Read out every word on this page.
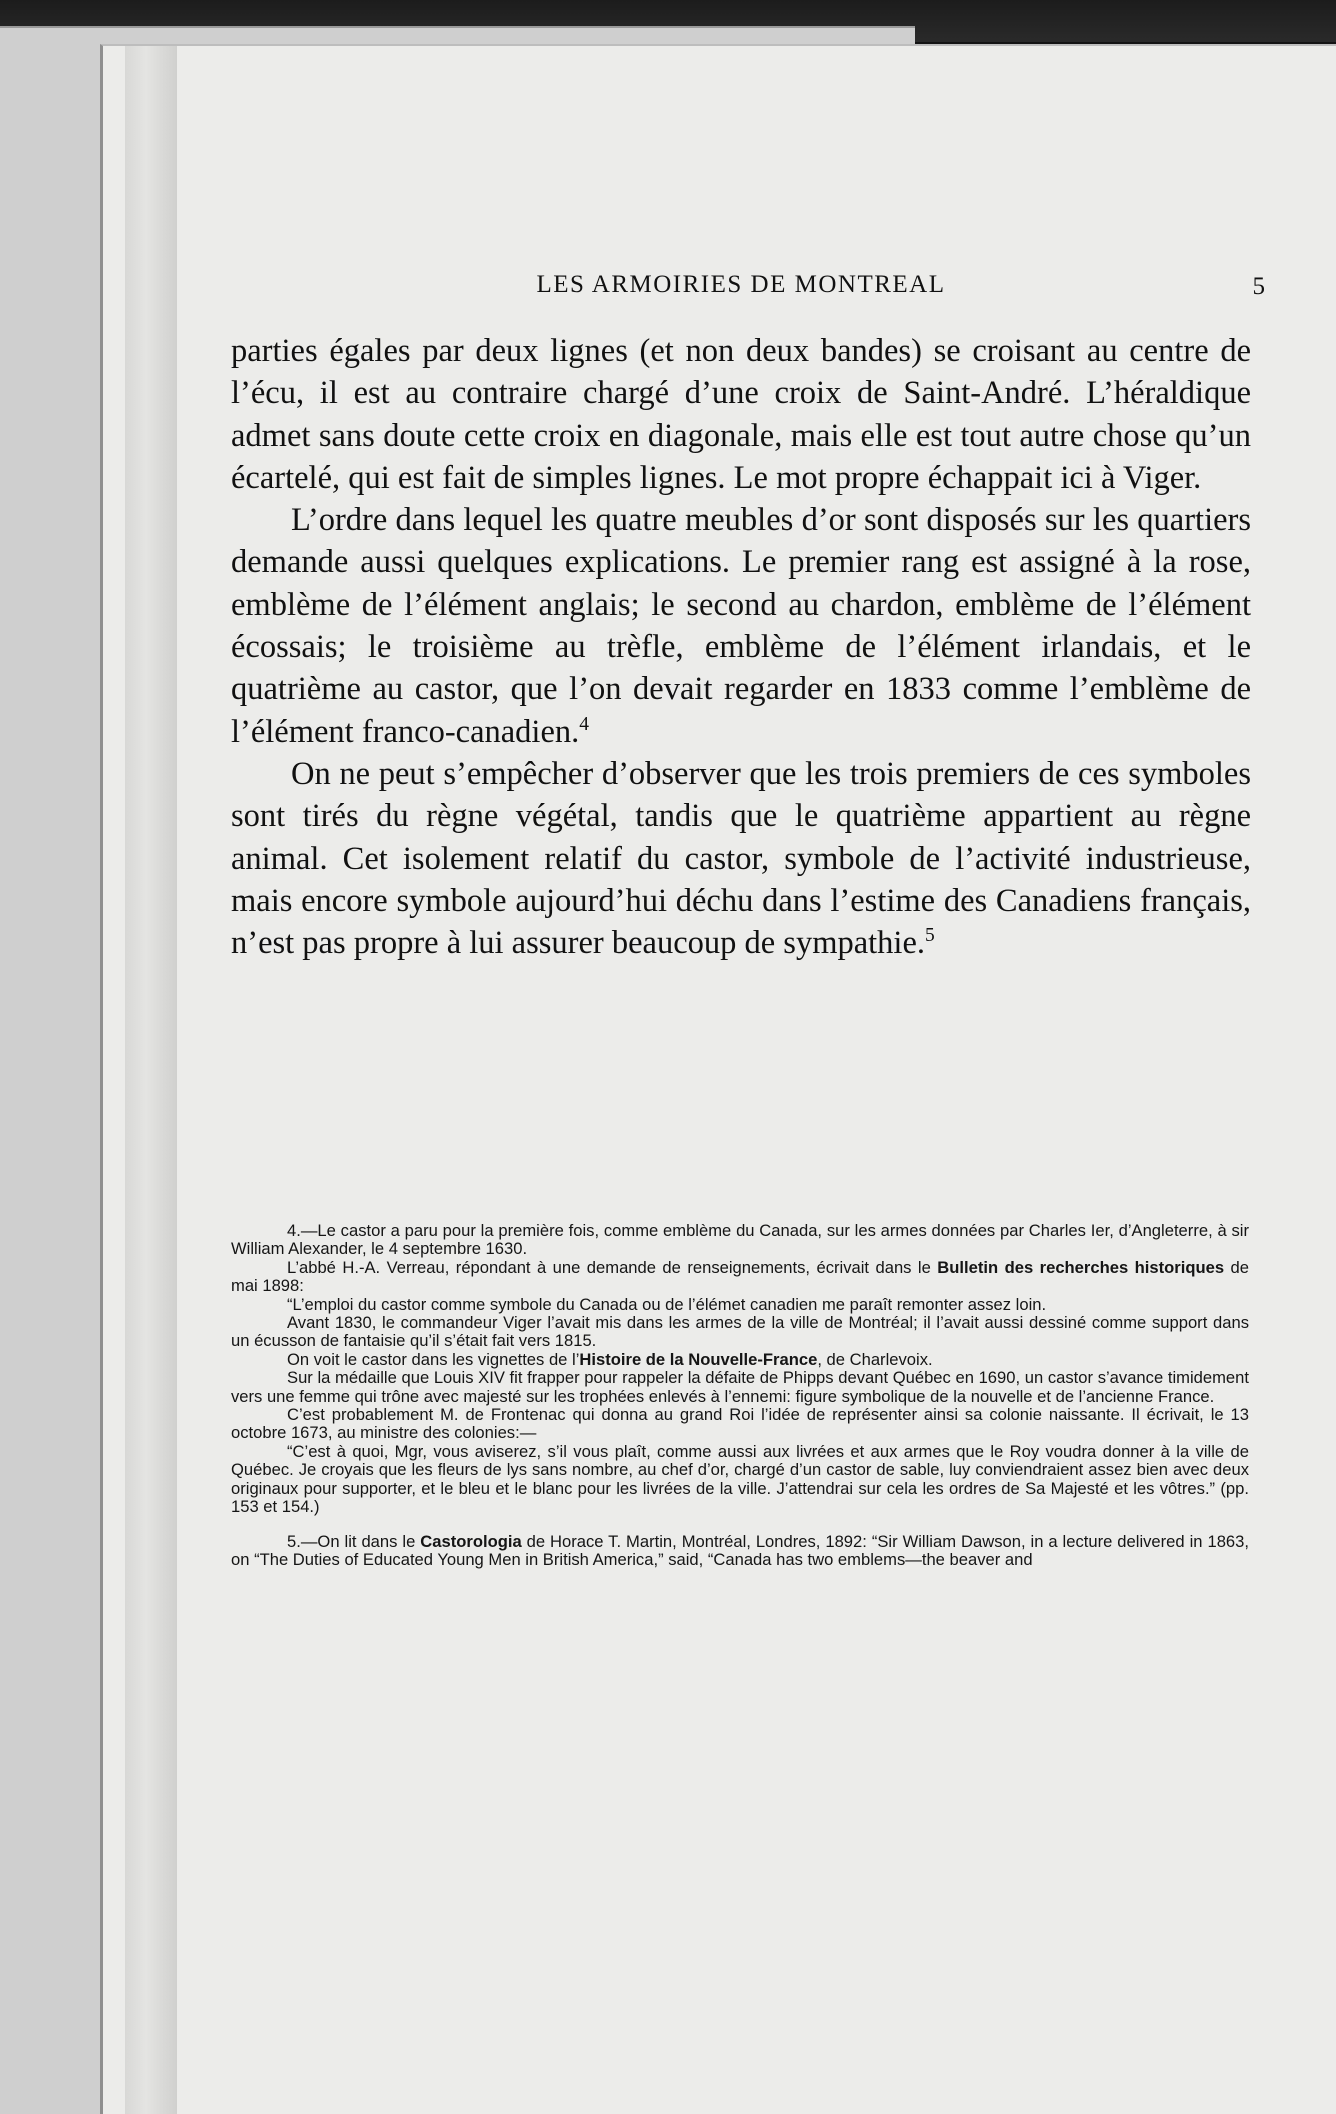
LES ARMOIRIES DE MONTREAL	5

parties égales par deux lignes (et non deux bandes) se croisant au centre de l’écu, il est au contraire chargé d’une croix de Saint-André. L’héraldique admet sans doute cette croix en diagonale, mais elle est tout autre chose qu’un écartelé, qui est fait de simples lignes. Le mot propre échappait ici à Viger.

L’ordre dans lequel les quatre meubles d’or sont disposés sur les quartiers demande aussi quelques explications. Le premier rang est assigné à la rose, emblème de l’élément anglais; le second au chardon, emblème de l’élément écossais; le troisième au trèfle, emblème de l’élément irlandais, et le quatrième au castor, que l’on devait regarder en 1833 comme l’emblème de l’élément franco-canadien.$^4$

On ne peut s’empêcher d’observer que les trois premiers de ces symboles sont tirés du règne végétal, tandis que le quatrième appartient au règne animal. Cet isolement relatif du castor, symbole de l’activité industrieuse, mais encore symbole aujourd’hui déchu dans l’estime des Canadiens français, n’est pas propre à lui assurer beaucoup de sympathie.$^5$

4.—Le castor a paru pour la première fois, comme emblème du Canada, sur les armes données par Charles Ier, d’Angleterre, à sir William Alexander, le 4 septembre 1630.

L’abbé H.-A. Verreau, répondant à une demande de renseignements, écrivait dans le Bulletin des recherches historiques de mai 1898:

“L’emploi du castor comme symbole du Canada ou de l’élémet canadien me paraît remonter assez loin.

Avant 1830, le commandeur Viger l’avait mis dans les armes de la ville de Montréal; il l’avait aussi dessiné comme support dans un écusson de fantaisie qu’il s’était fait vers 1815.

On voit le castor dans les vignettes de l’Histoire de la Nouvelle-France, de Charlevoix.

Sur la médaille que Louis XIV fit frapper pour rappeler la défaite de Phipps devant Québec en 1690, un castor s’avance timidement vers une femme qui trône avec majesté sur les trophées enlevés à l’ennemi: figure symbolique de la nouvelle et de l’ancienne France.

C’est probablement M. de Frontenac qui donna au grand Roi l’idée de représenter ainsi sa colonie naissante. Il écrivait, le 13 octobre 1673, au ministre des colonies:—

“C’est à quoi, Mgr, vous aviserez, s’il vous plaît, comme aussi aux livrées et aux armes que le Roy voudra donner à la ville de Québec. Je croyais que les fleurs de lys sans nombre, au chef d’or, chargé d’un castor de sable, luy conviendraient assez bien avec deux originaux pour supporter, et le bleu et le blanc pour les livrées de la ville. J’attendrai sur cela les ordres de Sa Majesté et les vôtres.” (pp. 153 et 154.)

5.—On lit dans le Castorologia de Horace T. Martin, Montréal, Londres, 1892: “Sir William Dawson, in a lecture delivered in 1863, on “The Duties of Educated Young Men in British America,” said, “Canada has two emblems—the beaver and
